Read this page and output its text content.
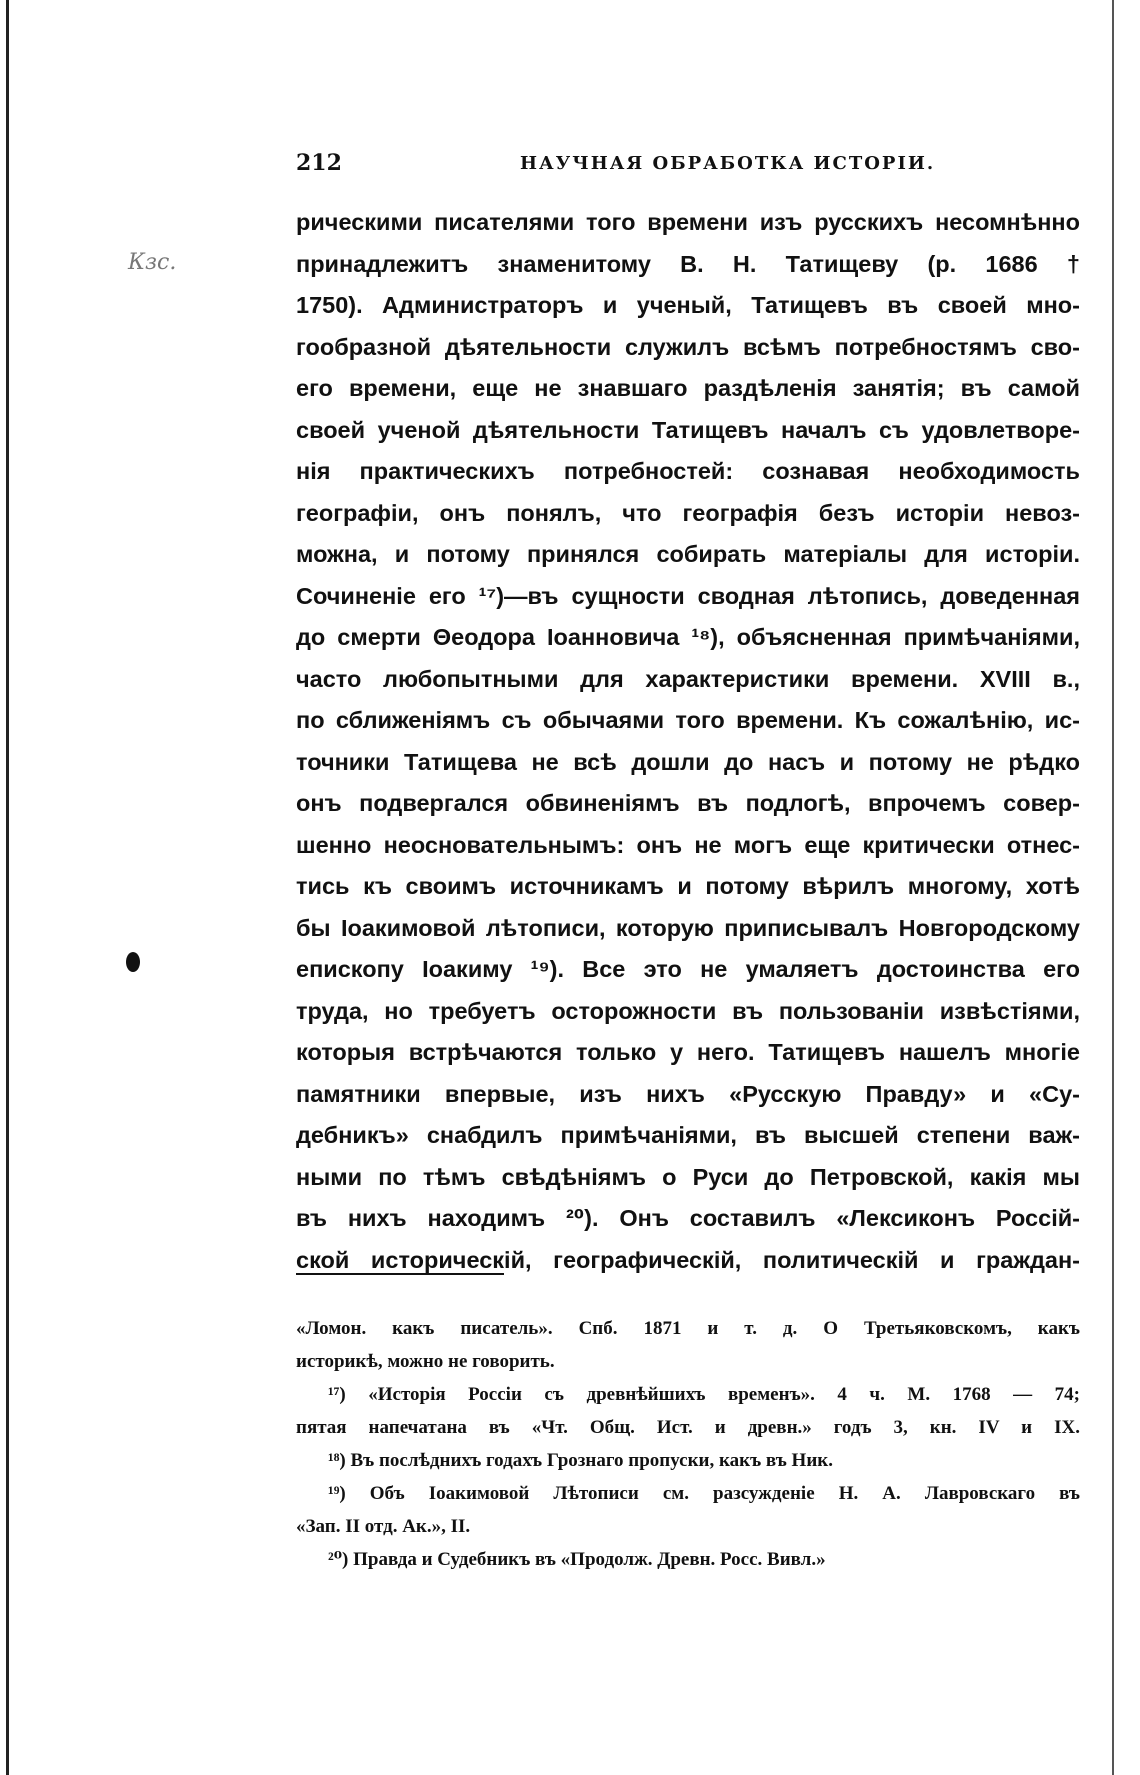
Кзс.
212	НАУЧНАЯ ОБРАБОТКА ИСТОРІИ.
рическими писателями того времени изъ русскихъ несомнѣнно
принадлежитъ знаменитому В. Н. Татищеву (р. 1686 †
1750). Администраторъ и ученый, Татищевъ въ своей мно-
гообразной дѣятельности служилъ всѣмъ потребностямъ сво-
его времени, еще не знавшаго раздѣленія занятія; въ самой
своей ученой дѣятельности Татищевъ началъ съ удовлетворе-
нія практическихъ потребностей: сознавая необходимость
географіи, онъ понялъ, что географія безъ исторіи невоз-
можна, и потому принялся собирать матеріалы для исторіи.
Сочиненіе его ¹⁷)—въ сущности сводная лѣтопись, доведенная
до смерти Θеодора Іоанновича ¹⁸), объясненная примѣчаніями,
часто любопытными для характеристики времени. XVIII в.,
по сближеніямъ съ обычаями того времени. Къ сожалѣнію, ис-
точники Татищева не всѣ дошли до насъ и потому не рѣдко
онъ подвергался обвиненіямъ въ подлогѣ, впрочемъ совер-
шенно неосновательнымъ: онъ не могъ еще критически отнес-
тись къ своимъ источникамъ и потому вѣрилъ многому, хотѣ
бы Іоакимовой лѣтописи, которую приписывалъ Новгородскому
епископу Іоакиму ¹⁹). Все это не умаляетъ достоинства его
труда, но требуетъ осторожности въ пользованіи извѣстіями,
которыя встрѣчаются только у него. Татищевъ нашелъ многіе
памятники впервые, изъ нихъ «Русскую Правду» и «Су-
дебникъ» снабдилъ примѣчаніями, въ высшей степени важ-
ными по тѣмъ свѣдѣніямъ о Руси до Петровской, какія мы
въ нихъ находимъ ²⁰). Онъ составилъ «Лексиконъ Россій-
ской историческій, географическій, политическій и граждан-
«Ломон. какъ писатель». Спб. 1871 и т. д. О Третьяковскомъ, какъ
историкѣ, можно не говорить.
¹⁷) «Исторія Россіи съ древнѣйшихъ временъ». 4 ч. М. 1768 — 74;
пятая напечатана въ «Чт. Общ. Ист. и древн.» годъ 3, кн. IV и IX.
¹⁸) Въ послѣднихъ годахъ Грознаго пропуски, какъ въ Ник.
¹⁹) Объ Іоакимовой Лѣтописи см. разсужденіе Н. А. Лавровскаго въ
«Зап. II отд. Ак.», II.
²⁰) Правда и Судебникъ въ «Продолж. Древн. Росс. Вивл.»
